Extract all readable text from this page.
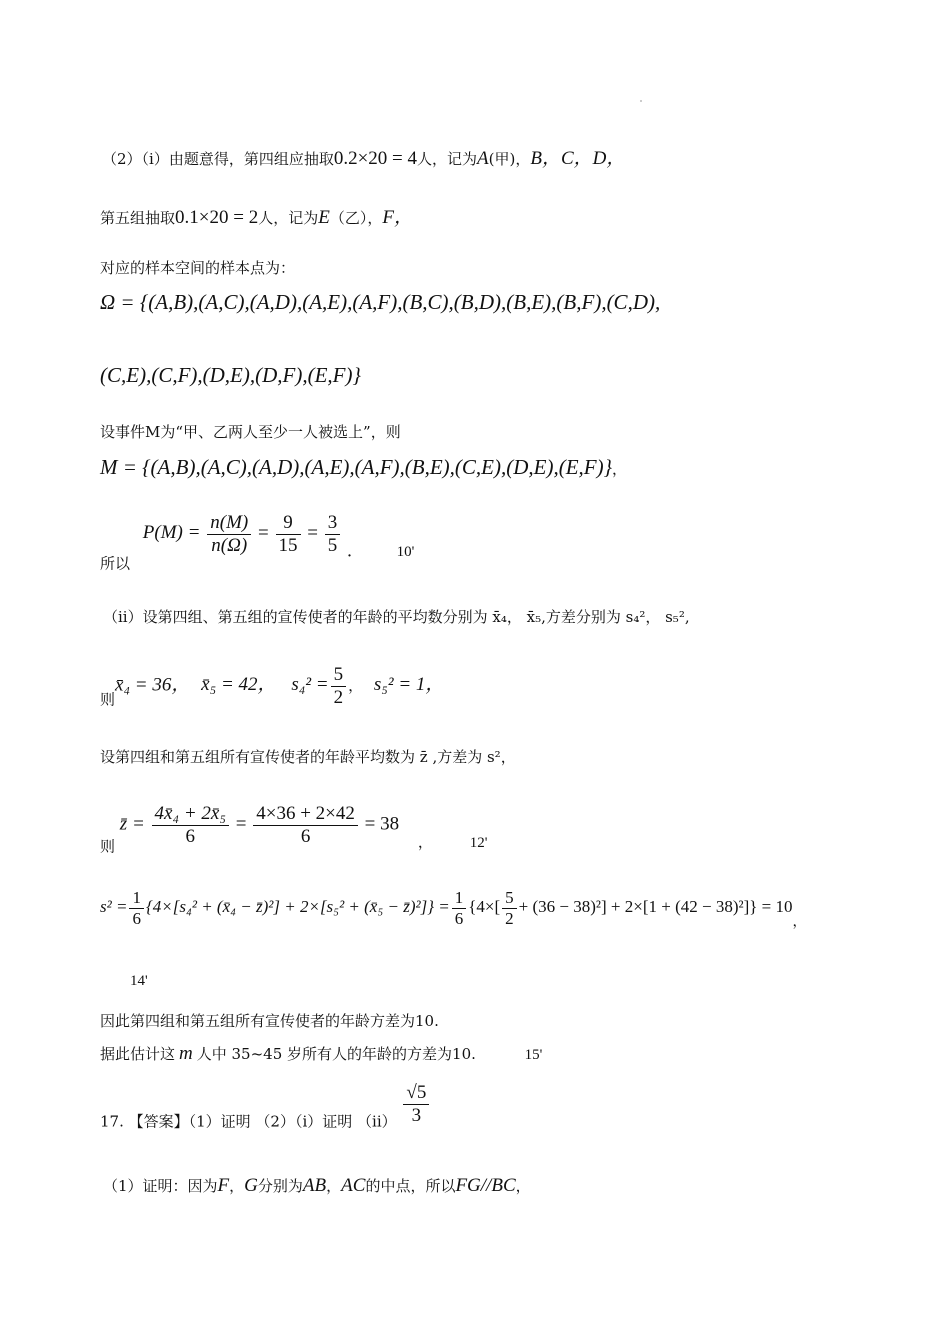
（2）（i）由题意得，第四组应抽取0.2×20 = 4人，记为A(甲)，B，C，D，
第五组抽取0.1×20 = 2人，记为E（乙），F，
对应的样本空间的样本点为：
Ω = {(A,B),(A,C),(A,D),(A,E),(A,F),(B,C),(B,D),(B,E),(B,F),(C,D),
(C,E),(C,F),(D,E),(D,F),(E,F)}
设事件M为“甲、乙两人至少一人被选上”，则
M = {(A,B),(A,C),(A,D),(A,E),(A,F),(B,E),(C,E),(D,E),(E,F)}，
所以 $P(M) = \frac{n(M)}{n(\Omega)} = \frac{9}{15} = \frac{3}{5}$ .	10'
（ii）设第四组、第五组的宣传使者的年龄的平均数分别为 x̄₄， x̄₅,方差分别为 s₄²， s₅²,
则x̄₄ = 36， x̄₅ = 42， $s_4^2 = \frac{5}{2}$ ， s₅² = 1，
设第四组和第五组所有宣传使者的年龄平均数为 z̄ ,方差为 s²，
则 z̄ = $\frac{\text{4x̄₄ + 2x̄₅}}{6} = \frac{4\times 36 + 2\times 42}{6} = 38$ ， 12'
$s^2 = \frac{1}{6} \{4\times[s_4^2$ + (x̄₄ − z̄)²] + 2×[s₅² + (x̄₅ − z̄)²]} = $\frac{1}{6} \{4\times[ \frac{5}{2} + (36 - 38)^2] + 2\times[1 + (42 - 38)^2]\} = 10$，
14'
因此第四组和第五组所有宣传使者的年龄方差为10.
据此估计这 m 人中 35~45 岁所有人的年龄的方差为10.	15'
17. 【答案】（1）证明 （2）（i）证明 $(ii) \frac{√5}{3}$
（1）证明：因为F，G分别为AB，AC的中点，所以FG//BC，
